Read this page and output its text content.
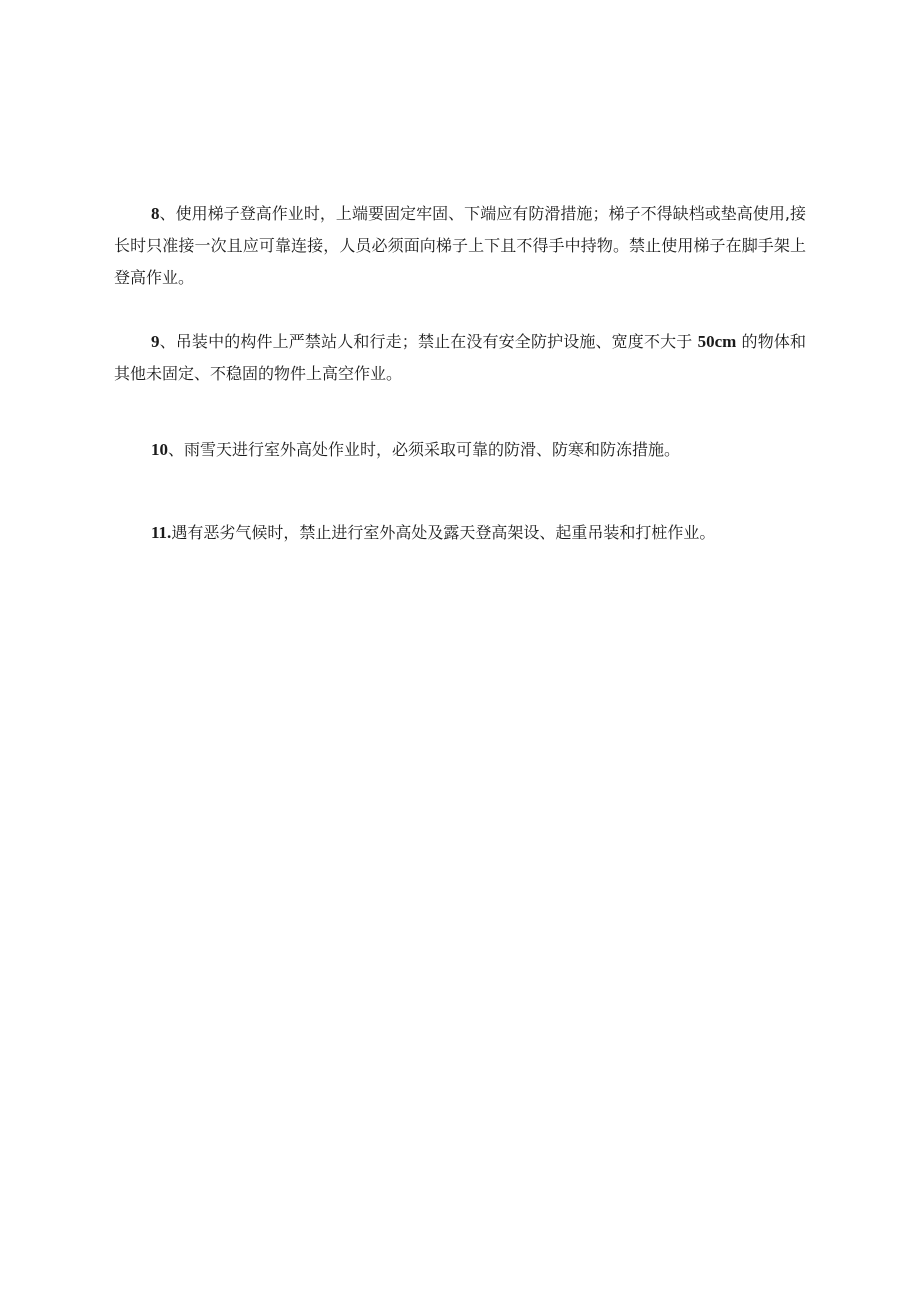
8、使用梯子登高作业时，上端要固定牢固、下端应有防滑措施；梯子不得缺档或垫高使用,接长时只准接一次且应可靠连接，人员必须面向梯子上下且不得手中持物。禁止使用梯子在脚手架上登高作业。

9、吊装中的构件上严禁站人和行走；禁止在没有安全防护设施、宽度不大于 50cm 的物体和其他未固定、不稳固的物件上高空作业。

10、雨雪天进行室外高处作业时，必须采取可靠的防滑、防寒和防冻措施。

11.遇有恶劣气候时，禁止进行室外高处及露天登高架设、起重吊装和打桩作业。
